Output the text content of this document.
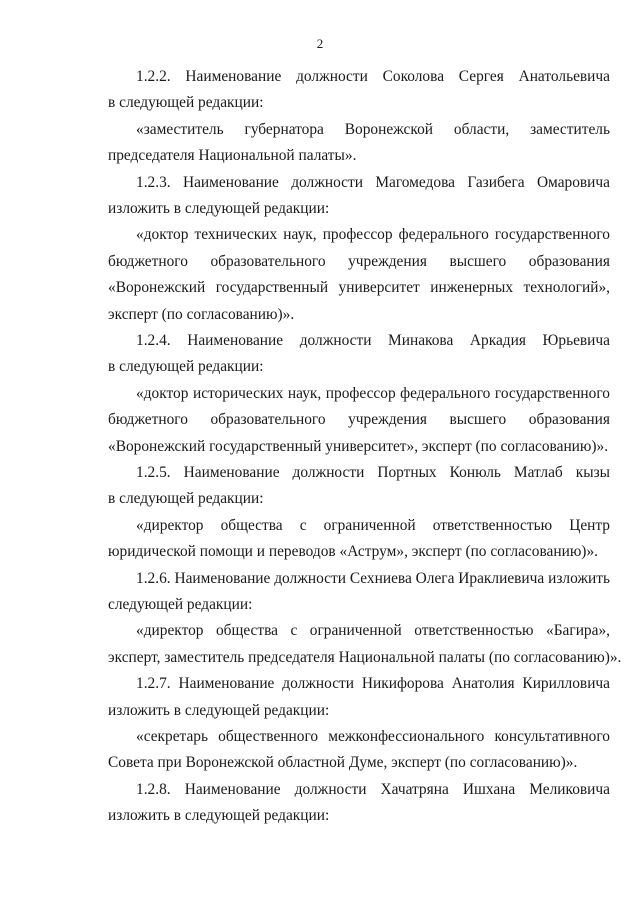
2
1.2.2. Наименование должности Соколова Сергея Анатольевича
в следующей редакции:
«заместитель губернатора Воронежской области, заместитель
председателя Национальной палаты».
1.2.3. Наименование должности Магомедова Газибега Омаровича
изложить в следующей редакции:
«доктор технических наук, профессор федерального государственного
бюджетного образовательного учреждения высшего образования
«Воронежский государственный университет инженерных технологий»,
эксперт (по согласованию)».
1.2.4. Наименование должности Минакова Аркадия Юрьевича
в следующей редакции:
«доктор исторических наук, профессор федерального государственного
бюджетного образовательного учреждения высшего образования
«Воронежский государственный университет», эксперт (по согласованию)».
1.2.5. Наименование должности Портных Конюль Матлаб кызы
в следующей редакции:
«директор общества с ограниченной ответственностью Центр
юридической помощи и переводов «Аструм», эксперт (по согласованию)».
1.2.6. Наименование должности Сехниева Олега Ираклиевича изложить
следующей редакции:
«директор общества с ограниченной ответственностью «Багира»,
эксперт, заместитель председателя Национальной палаты (по согласованию)».
1.2.7. Наименование должности Никифорова Анатолия Кирилловича
изложить в следующей редакции:
«секретарь общественного межконфессионального консультативного
Совета при Воронежской областной Думе, эксперт (по согласованию)».
1.2.8. Наименование должности Хачатряна Ишхана Меликовича
изложить в следующей редакции:
